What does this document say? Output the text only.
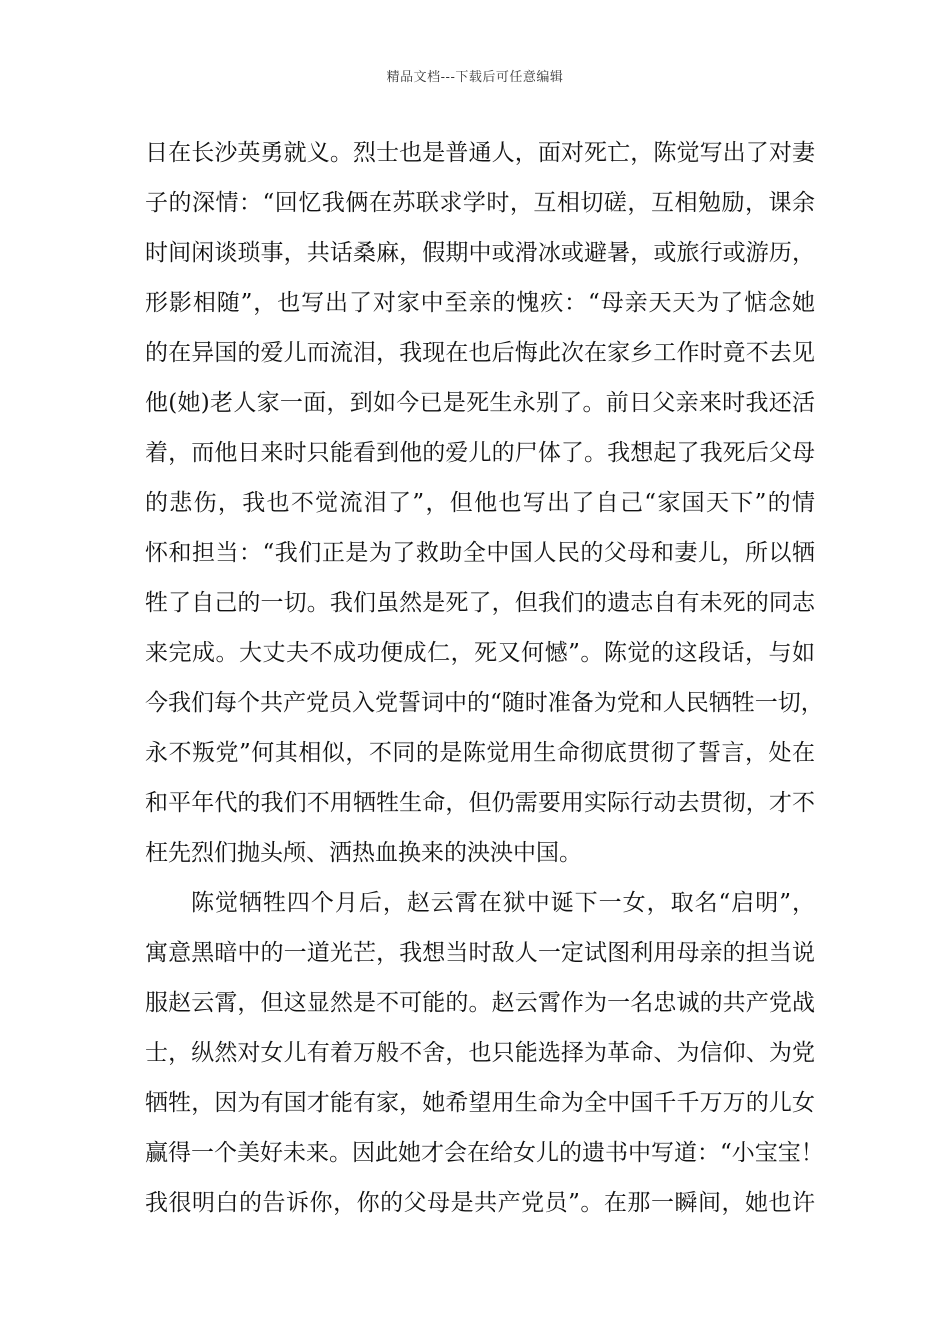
精品文档---下载后可任意编辑
日在长沙英勇就义。烈士也是普通人，面对死亡，陈觉写出了对妻
子的深情：“回忆我俩在苏联求学时，互相切磋，互相勉励，课余
时间闲谈琐事，共话桑麻，假期中或滑冰或避暑，或旅行或游历，
形影相随”，也写出了对家中至亲的愧疚：“母亲天天为了惦念她
的在异国的爱儿而流泪，我现在也后悔此次在家乡工作时竟不去见
他(她)老人家一面，到如今已是死生永别了。前日父亲来时我还活
着，而他日来时只能看到他的爱儿的尸体了。我想起了我死后父母
的悲伤，我也不觉流泪了”，但他也写出了自己“家国天下”的情
怀和担当：“我们正是为了救助全中国人民的父母和妻儿，所以牺
牲了自己的一切。我们虽然是死了，但我们的遗志自有未死的同志
来完成。大丈夫不成功便成仁，死又何憾”。陈觉的这段话，与如
今我们每个共产党员入党誓词中的“随时准备为党和人民牺牲一切，
永不叛党”何其相似，不同的是陈觉用生命彻底贯彻了誓言，处在
和平年代的我们不用牺牲生命，但仍需要用实际行动去贯彻，才不
枉先烈们抛头颅、洒热血换来的泱泱中国。
陈觉牺牲四个月后，赵云霄在狱中诞下一女，取名“启明”，
寓意黑暗中的一道光芒，我想当时敌人一定试图利用母亲的担当说
服赵云霄，但这显然是不可能的。赵云霄作为一名忠诚的共产党战
士，纵然对女儿有着万般不舍，也只能选择为革命、为信仰、为党
牺牲，因为有国才能有家，她希望用生命为全中国千千万万的儿女
赢得一个美好未来。因此她才会在给女儿的遗书中写道：“小宝宝！
我很明白的告诉你，你的父母是共产党员”。在那一瞬间，她也许
